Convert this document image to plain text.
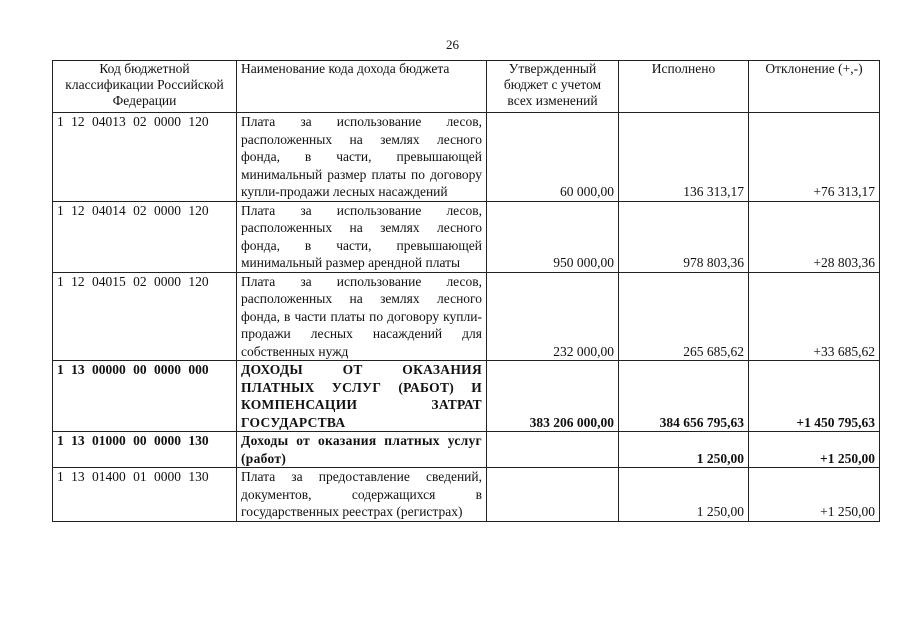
26
Код бюджетной классификации Российской Федерации	Наименование кода дохода бюджета	Утвержденный бюджет с учетом всех изменений	Исполнено	Отклонение (+,-)
1 12 04013 02 0000 120	Плата за использование лесов, расположенных на землях лесного фонда, в части, превышающей минимальный размер платы по договору купли-продажи лесных насаждений	60 000,00	136 313,17	+76 313,17
1 12 04014 02 0000 120	Плата за использование лесов, расположенных на землях лесного фонда, в части, превышающей минимальный размер арендной платы	950 000,00	978 803,36	+28 803,36
1 12 04015 02 0000 120	Плата за использование лесов, расположенных на землях лесного фонда, в части платы по договору купли-продажи лесных насаждений для собственных нужд	232 000,00	265 685,62	+33 685,62
1 13 00000 00 0000 000	ДОХОДЫ ОТ ОКАЗАНИЯ ПЛАТНЫХ УСЛУГ (РАБОТ) И КОМПЕНСАЦИИ ЗАТРАТ ГОСУДАРСТВА	383 206 000,00	384 656 795,63	+1 450 795,63
1 13 01000 00 0000 130	Доходы от оказания платных услуг (работ)		1 250,00	+1 250,00
1 13 01400 01 0000 130	Плата за предоставление сведений, документов, содержащихся в государственных реестрах (регистрах)		1 250,00	+1 250,00
